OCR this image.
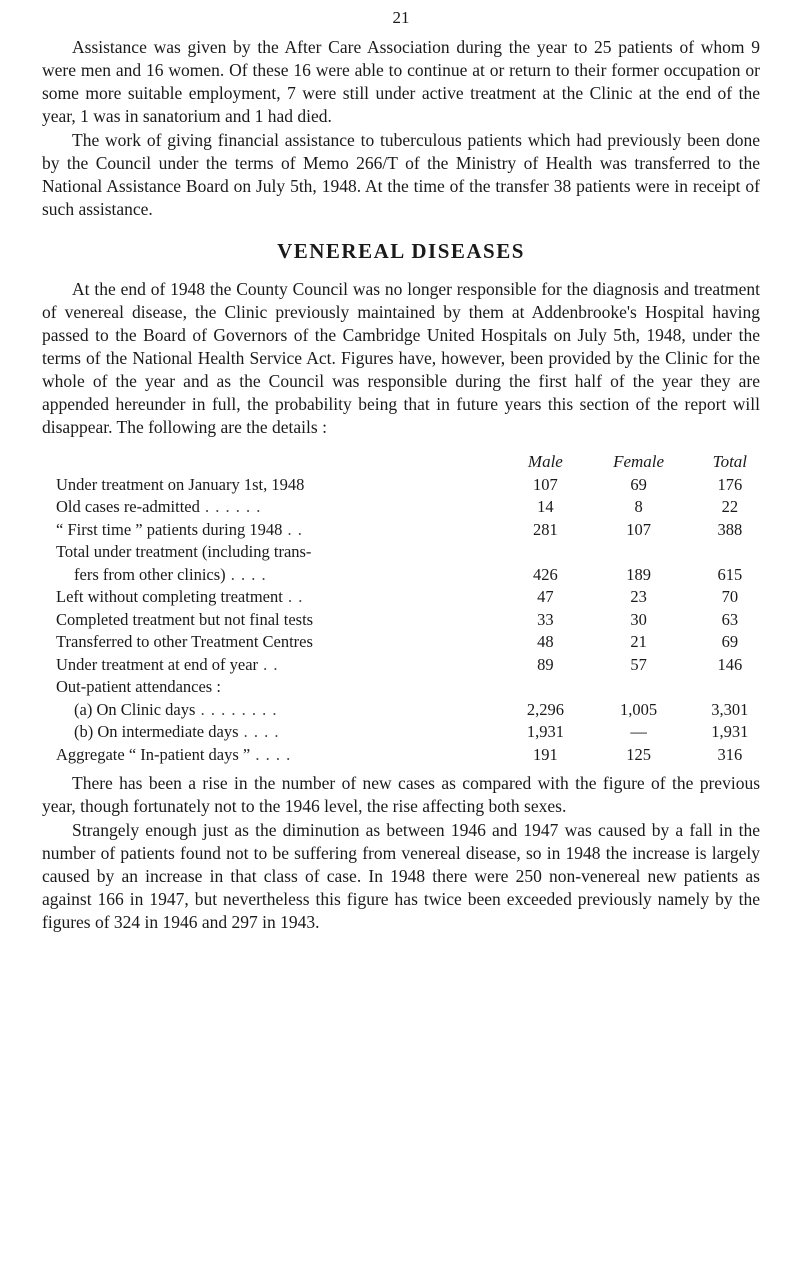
21

Assistance was given by the After Care Association during the year to 25 patients of whom 9 were men and 16 women. Of these 16 were able to continue at or return to their former occupation or some more suitable employment, 7 were still under active treatment at the Clinic at the end of the year, 1 was in sanatorium and 1 had died.

The work of giving financial assistance to tuberculous patients which had previously been done by the Council under the terms of Memo 266/T of the Ministry of Health was transferred to the National Assistance Board on July 5th, 1948. At the time of the transfer 38 patients were in receipt of such assistance.

VENEREAL DISEASES

At the end of 1948 the County Council was no longer responsible for the diagnosis and treatment of venereal disease, the Clinic previously maintained by them at Addenbrooke's Hospital having passed to the Board of Governors of the Cambridge United Hospitals on July 5th, 1948, under the terms of the National Health Service Act. Figures have, however, been provided by the Clinic for the whole of the year and as the Council was responsible during the first half of the year they are appended hereunder in full, the probability being that in future years this section of the report will disappear. The following are the details :

	Male	Female	Total
Under treatment on January 1st, 1948	107	69	176
Old cases re-admitted . . . . . .	14	8	22
“ First time ” patients during 1948 . .	281	107	388
Total under treatment (including trans-			
fers from other clinics) . . . .	426	189	615
Left without completing treatment . .	47	23	70
Completed treatment but not final tests	33	30	63
Transferred to other Treatment Centres	48	21	69
Under treatment at end of year . .	89	57	146
Out-patient attendances :			
(a) On Clinic days . . . . . . . .	2,296	1,005	3,301
(b) On intermediate days . . . .	1,931	—	1,931
Aggregate “ In-patient days ” . . . .	191	125	316

There has been a rise in the number of new cases as compared with the figure of the previous year, though fortunately not to the 1946 level, the rise affecting both sexes.

Strangely enough just as the diminution as between 1946 and 1947 was caused by a fall in the number of patients found not to be suffering from venereal disease, so in 1948 the increase is largely caused by an increase in that class of case. In 1948 there were 250 non-venereal new patients as against 166 in 1947, but nevertheless this figure has twice been exceeded previously namely by the figures of 324 in 1946 and 297 in 1943.
